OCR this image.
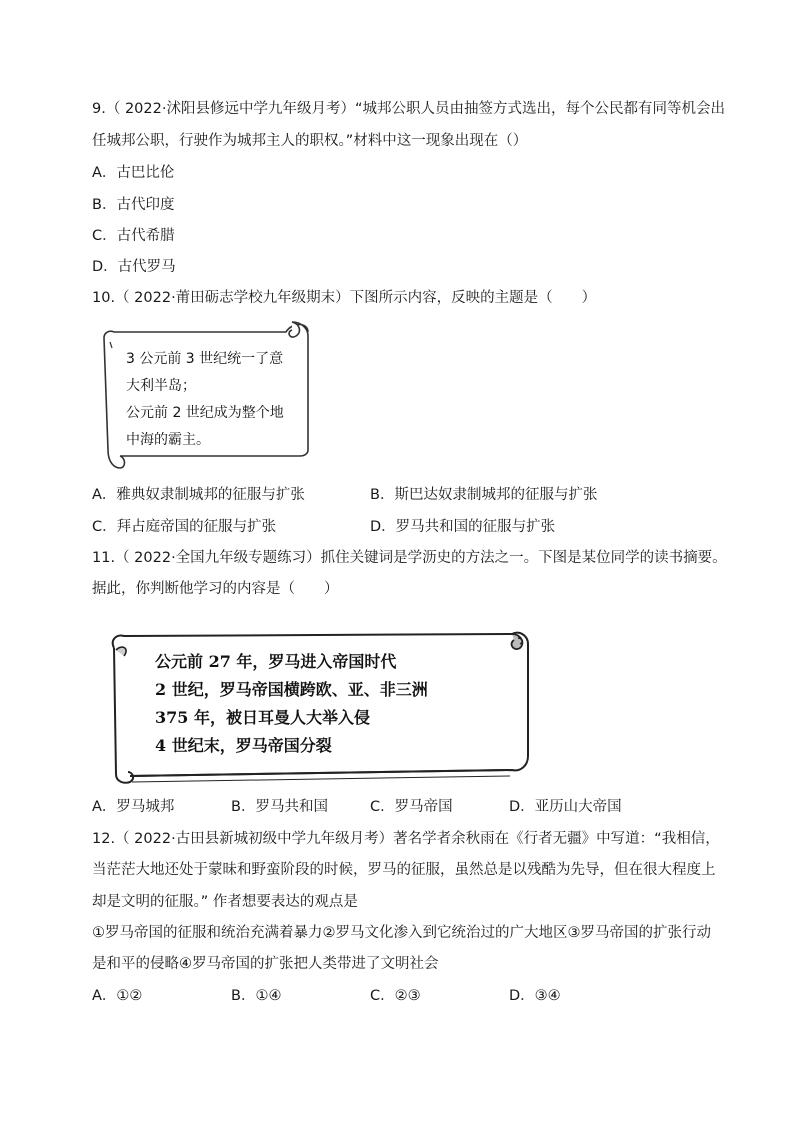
9.（ 2022·沭阳县修远中学九年级月考）“城邦公职人员由抽签方式选出，每个公民都有同等机会出
任城邦公职，行驶作为城邦主人的职权。”材料中这一现象出现在（）
A．古巴比伦
B．古代印度
C．古代希腊
D．古代罗马
10.（ 2022·莆田砺志学校九年级期末）下图所示内容，反映的主题是（　　）
3 公元前 3 世纪统一了意
大利半岛；
公元前 2 世纪成为整个地
中海的霸主。
A．雅典奴隶制城邦的征服与扩张	B．斯巴达奴隶制城邦的征服与扩张
C．拜占庭帝国的征服与扩张	D．罗马共和国的征服与扩张
11.（ 2022·全国九年级专题练习）抓住关键词是学沥史的方法之一。下图是某位同学的读书摘要。
据此，你判断他学习的内容是（　　）
公元前 27 年，罗马进入帝国时代
2 世纪，罗马帝国横跨欧、亚、非三洲
375 年，被日耳曼人大举入侵
4 世纪末，罗马帝国分裂
A．罗马城邦	B．罗马共和国	C．罗马帝国	D．亚历山大帝国
12.（ 2022·古田县新城初级中学九年级月考）著名学者余秋雨在《行者无疆》中写道：“我相信，
当茫茫大地还处于蒙昧和野蛮阶段的时候，罗马的征服，虽然总是以残酷为先导，但在很大程度上
却是文明的征服。” 作者想要表达的观点是
①罗马帝国的征服和统治充满着暴力②罗马文化渗入到它统治过的广大地区③罗马帝国的扩张行动
是和平的侵略④罗马帝国的扩张把人类带进了文明社会
A．①②	B．①④	C．②③	D．③④
